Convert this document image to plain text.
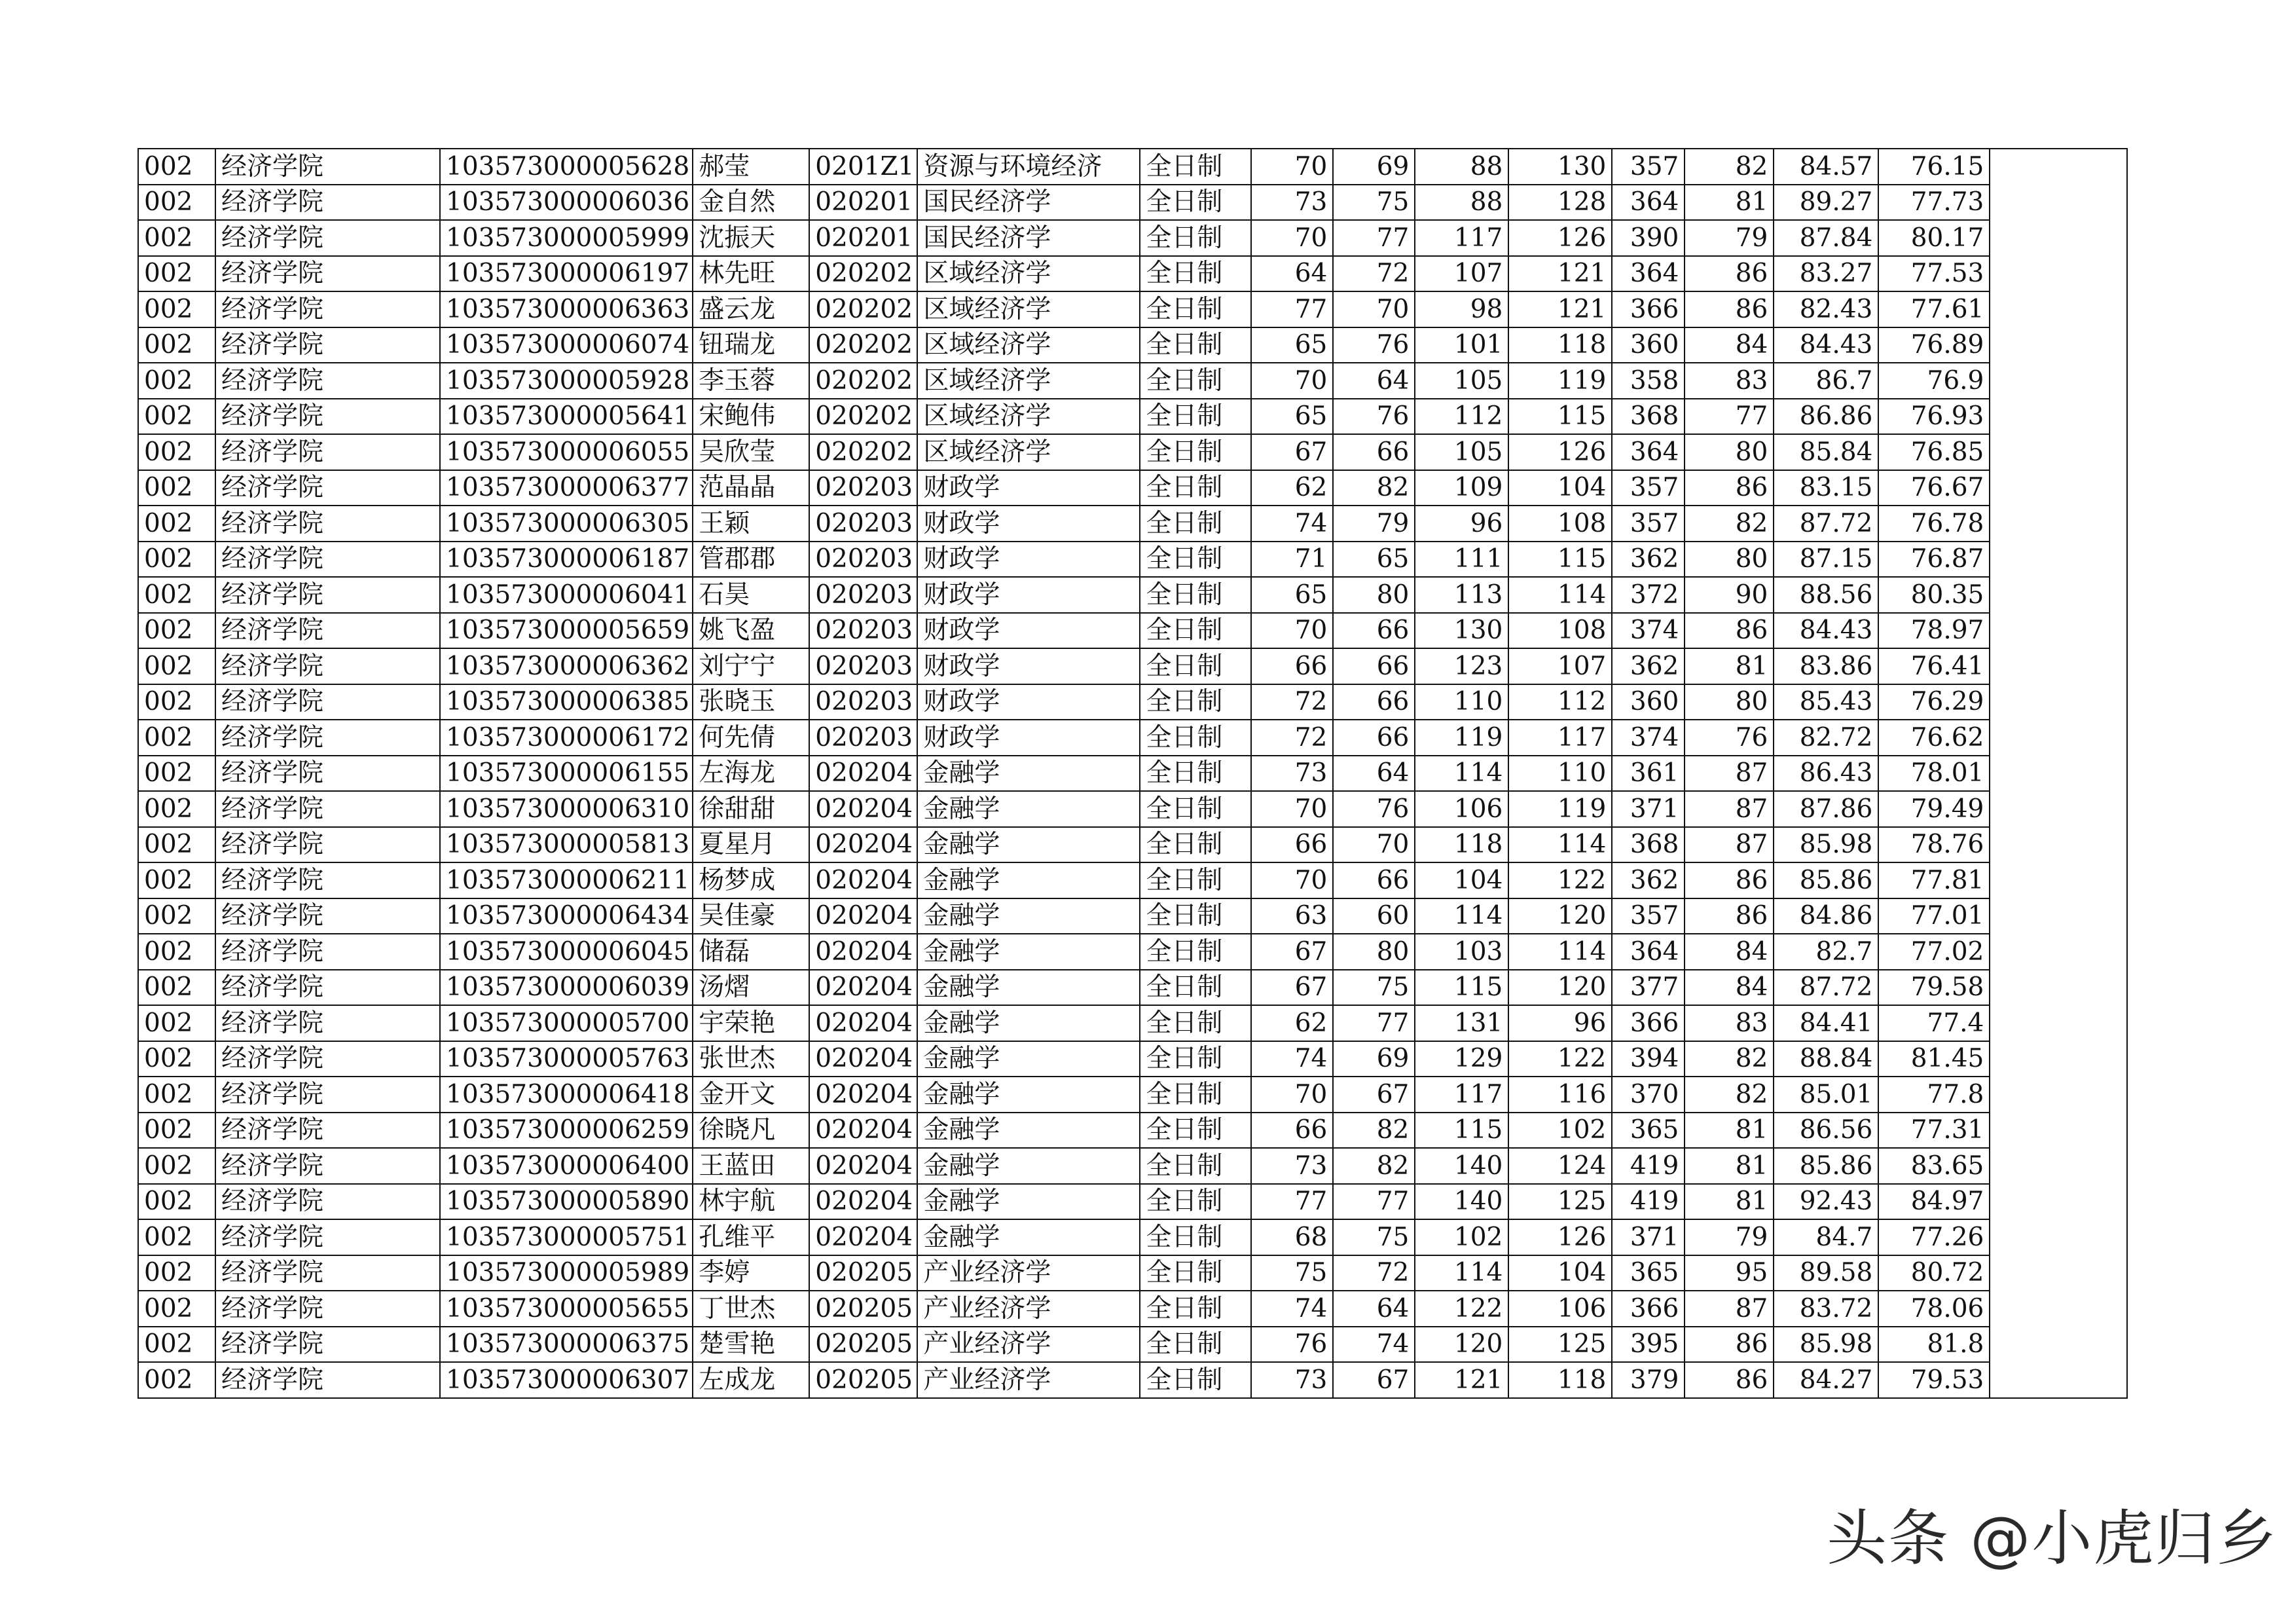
002	经济学院	103573000005628	郝莹	0201Z1	资源与环境经济	全日制	70	69	88	130	357	82	84.57	76.15	
002	经济学院	103573000006036	金自然	020201	国民经济学	全日制	73	75	88	128	364	81	89.27	77.73	
002	经济学院	103573000005999	沈振天	020201	国民经济学	全日制	70	77	117	126	390	79	87.84	80.17	
002	经济学院	103573000006197	林先旺	020202	区域经济学	全日制	64	72	107	121	364	86	83.27	77.53	
002	经济学院	103573000006363	盛云龙	020202	区域经济学	全日制	77	70	98	121	366	86	82.43	77.61	
002	经济学院	103573000006074	钮瑞龙	020202	区域经济学	全日制	65	76	101	118	360	84	84.43	76.89	
002	经济学院	103573000005928	李玉蓉	020202	区域经济学	全日制	70	64	105	119	358	83	86.7	76.9	
002	经济学院	103573000005641	宋鲍伟	020202	区域经济学	全日制	65	76	112	115	368	77	86.86	76.93	
002	经济学院	103573000006055	吴欣莹	020202	区域经济学	全日制	67	66	105	126	364	80	85.84	76.85	
002	经济学院	103573000006377	范晶晶	020203	财政学	全日制	62	82	109	104	357	86	83.15	76.67	
002	经济学院	103573000006305	王颖	020203	财政学	全日制	74	79	96	108	357	82	87.72	76.78	
002	经济学院	103573000006187	管郡郡	020203	财政学	全日制	71	65	111	115	362	80	87.15	76.87	
002	经济学院	103573000006041	石昊	020203	财政学	全日制	65	80	113	114	372	90	88.56	80.35	
002	经济学院	103573000005659	姚飞盈	020203	财政学	全日制	70	66	130	108	374	86	84.43	78.97	
002	经济学院	103573000006362	刘宁宁	020203	财政学	全日制	66	66	123	107	362	81	83.86	76.41	
002	经济学院	103573000006385	张晓玉	020203	财政学	全日制	72	66	110	112	360	80	85.43	76.29	
002	经济学院	103573000006172	何先倩	020203	财政学	全日制	72	66	119	117	374	76	82.72	76.62	
002	经济学院	103573000006155	左海龙	020204	金融学	全日制	73	64	114	110	361	87	86.43	78.01	
002	经济学院	103573000006310	徐甜甜	020204	金融学	全日制	70	76	106	119	371	87	87.86	79.49	
002	经济学院	103573000005813	夏星月	020204	金融学	全日制	66	70	118	114	368	87	85.98	78.76	
002	经济学院	103573000006211	杨梦成	020204	金融学	全日制	70	66	104	122	362	86	85.86	77.81	
002	经济学院	103573000006434	吴佳豪	020204	金融学	全日制	63	60	114	120	357	86	84.86	77.01	
002	经济学院	103573000006045	储磊	020204	金融学	全日制	67	80	103	114	364	84	82.7	77.02	
002	经济学院	103573000006039	汤熠	020204	金融学	全日制	67	75	115	120	377	84	87.72	79.58	
002	经济学院	103573000005700	宇荣艳	020204	金融学	全日制	62	77	131	96	366	83	84.41	77.4	
002	经济学院	103573000005763	张世杰	020204	金融学	全日制	74	69	129	122	394	82	88.84	81.45	
002	经济学院	103573000006418	金开文	020204	金融学	全日制	70	67	117	116	370	82	85.01	77.8	
002	经济学院	103573000006259	徐晓凡	020204	金融学	全日制	66	82	115	102	365	81	86.56	77.31	
002	经济学院	103573000006400	王蓝田	020204	金融学	全日制	73	82	140	124	419	81	85.86	83.65	
002	经济学院	103573000005890	林宇航	020204	金融学	全日制	77	77	140	125	419	81	92.43	84.97	
002	经济学院	103573000005751	孔维平	020204	金融学	全日制	68	75	102	126	371	79	84.7	77.26	
002	经济学院	103573000005989	李婷	020205	产业经济学	全日制	75	72	114	104	365	95	89.58	80.72	
002	经济学院	103573000005655	丁世杰	020205	产业经济学	全日制	74	64	122	106	366	87	83.72	78.06	
002	经济学院	103573000006375	楚雪艳	020205	产业经济学	全日制	76	74	120	125	395	86	85.98	81.8	
002	经济学院	103573000006307	左成龙	020205	产业经济学	全日制	73	67	121	118	379	86	84.27	79.53	
头条 @小虎归乡
